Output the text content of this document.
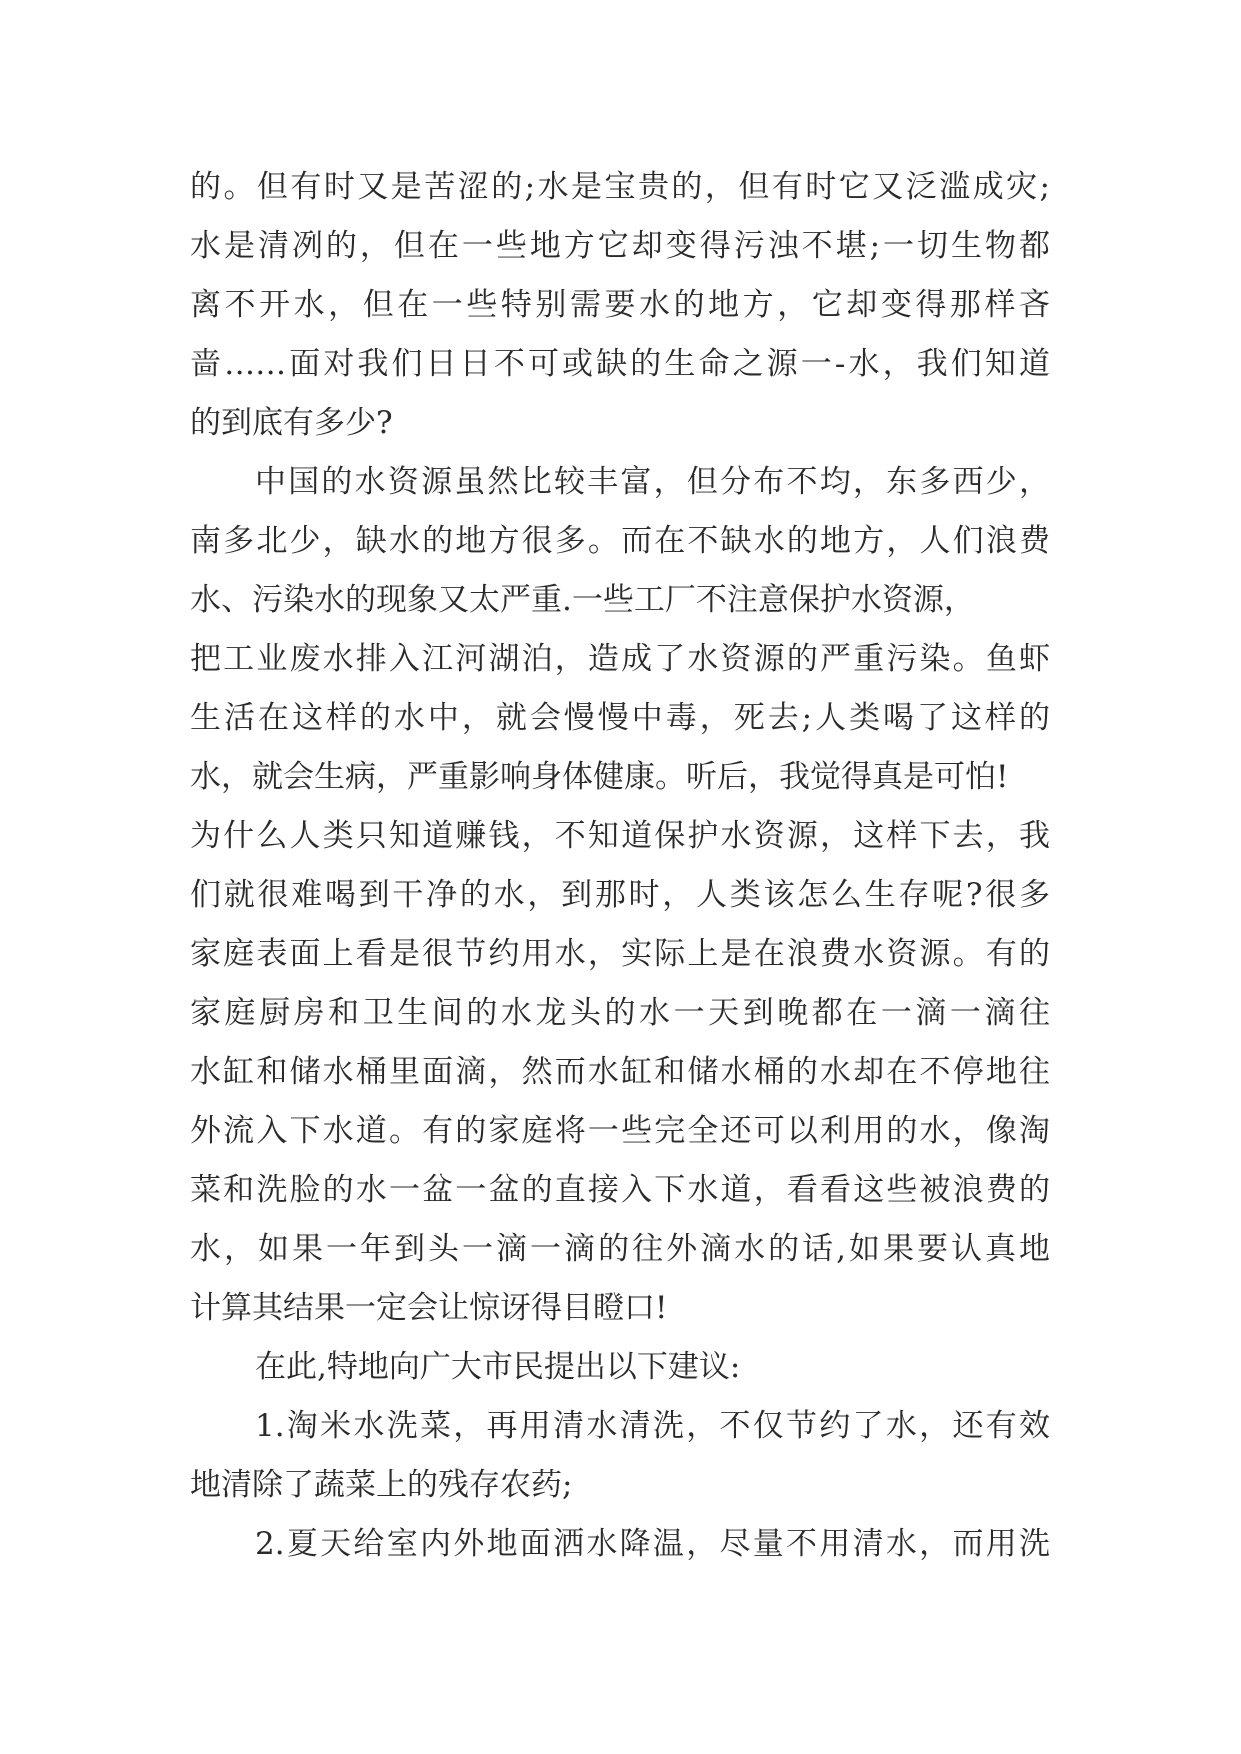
的。但有时又是苦涩的;水是宝贵的，但有时它又泛滥成灾;
水是清冽的，但在一些地方它却变得污浊不堪;一切生物都
离不开水，但在一些特别需要水的地方，它却变得那样吝
啬……面对我们日日不可或缺的生命之源一-水，我们知道
的到底有多少?
中国的水资源虽然比较丰富，但分布不均，东多西少，
南多北少，缺水的地方很多。而在不缺水的地方，人们浪费
水、污染水的现象又太严重.一些工厂不注意保护水资源，
把工业废水排入江河湖泊，造成了水资源的严重污染。鱼虾
生活在这样的水中，就会慢慢中毒，死去;人类喝了这样的
水，就会生病，严重影响身体健康。听后，我觉得真是可怕!
为什么人类只知道赚钱，不知道保护水资源，这样下去，我
们就很难喝到干净的水，到那时，人类该怎么生存呢?很多
家庭表面上看是很节约用水，实际上是在浪费水资源。有的
家庭厨房和卫生间的水龙头的水一天到晚都在一滴一滴往
水缸和储水桶里面滴，然而水缸和储水桶的水却在不停地往
外流入下水道。有的家庭将一些完全还可以利用的水，像淘
菜和洗脸的水一盆一盆的直接入下水道，看看这些被浪费的
水，如果一年到头一滴一滴的往外滴水的话,如果要认真地
计算其结果一定会让惊讶得目瞪口!
在此,特地向广大市民提出以下建议:
1.淘米水洗菜，再用清水清洗，不仅节约了水，还有效
地清除了蔬菜上的残存农药;
2.夏天给室内外地面洒水降温，尽量不用清水，而用洗
